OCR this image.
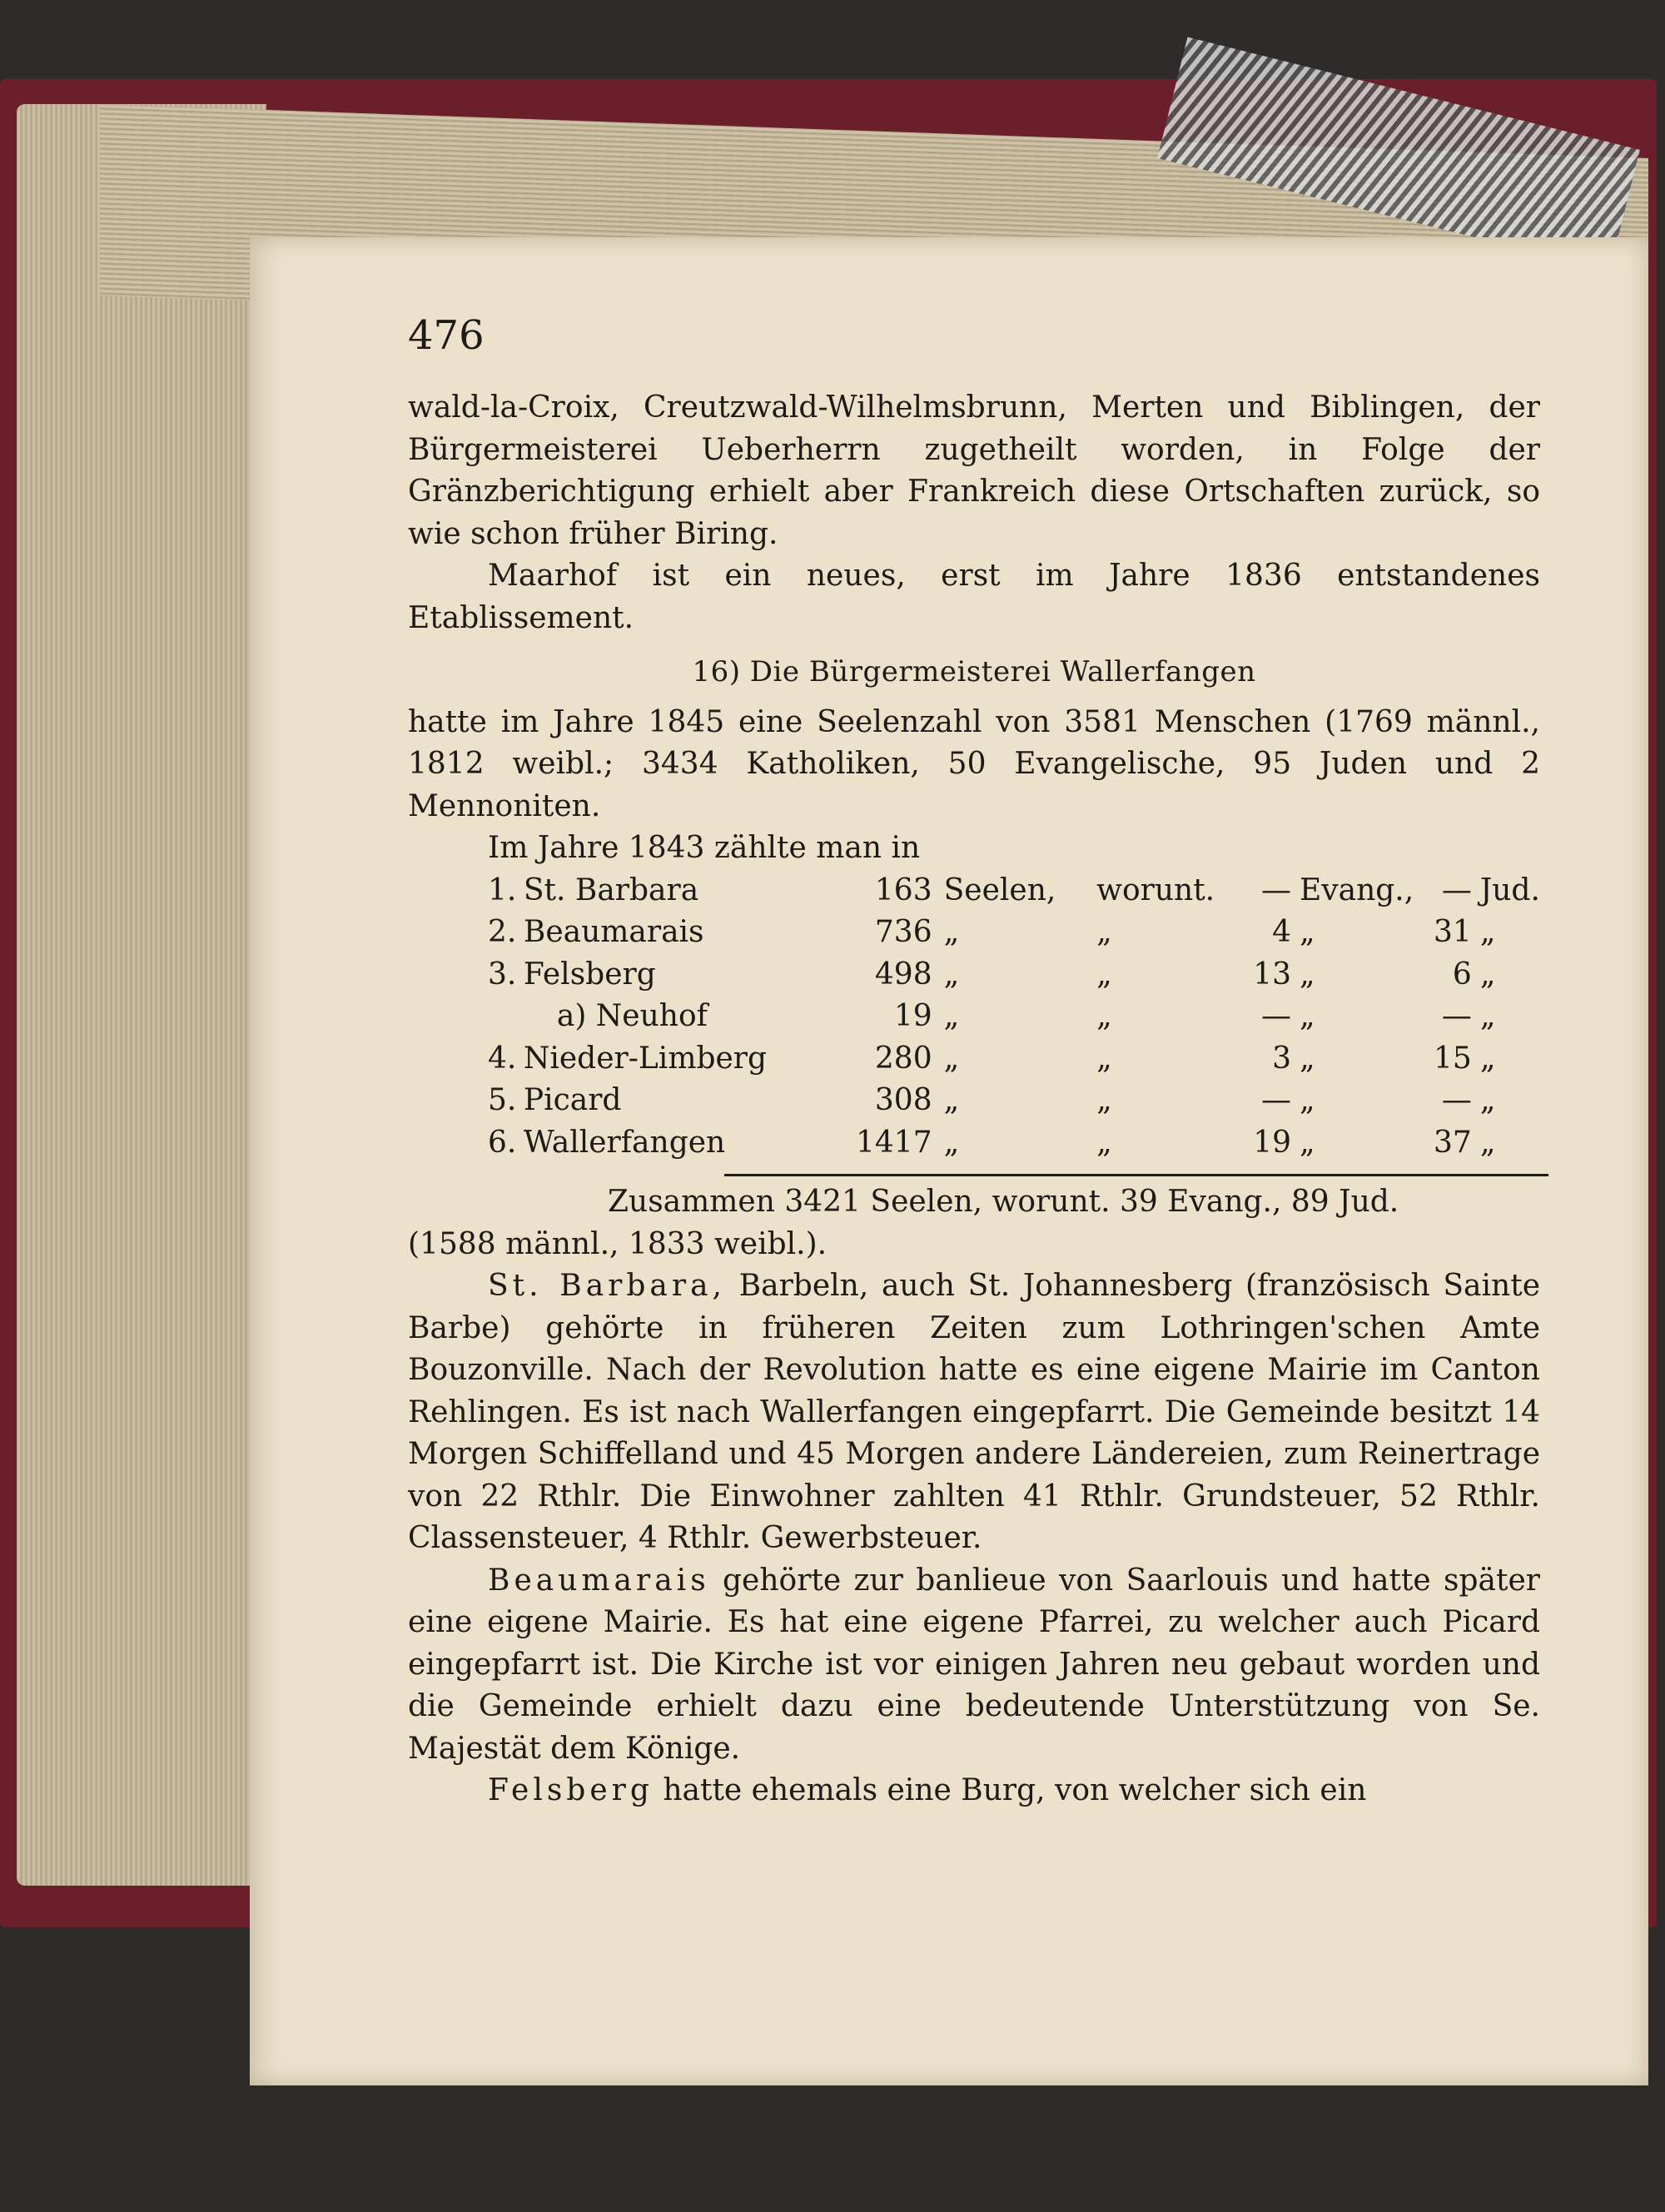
476

wald-la-Croix, Creutzwald-Wilhelmsbrunn, Merten und Biblingen, der Bürgermeisterei Ueberherrn zugetheilt worden, in Folge der Gränzberichtigung erhielt aber Frankreich diese Ortschaften zurück, so wie schon früher Biring.

Maarhof ist ein neues, erst im Jahre 1836 entstandenes Etablissement.

16) Die Bürgermeisterei Wallerfangen

hatte im Jahre 1845 eine Seelenzahl von 3581 Menschen (1769 männl., 1812 weibl.; 3434 Katholiken, 50 Evangelische, 95 Juden und 2 Mennoniten.

Im Jahre 1843 zählte man in

1.	St. Barbara	163	Seelen,	worunt.	—	Evang.,	—	Jud.
2.	Beaumarais	736	„	„	4	„	31	„
3.	Felsberg	498	„	„	13	„	6	„
	a) Neuhof	19	„	„	—	„	—	„
4.	Nieder-Limberg	280	„	„	3	„	15	„
5.	Picard	308	„	„	—	„	—	„
6.	Wallerfangen	1417	„	„	19	„	37	„
Zusammen 3421 Seelen, worunt. 39 Evang., 89 Jud.

(1588 männl., 1833 weibl.).

St. Barbara, Barbeln, auch St. Johannesberg (französisch Sainte Barbe) gehörte in früheren Zeiten zum Lothringen'schen Amte Bouzonville. Nach der Revolution hatte es eine eigene Mairie im Canton Rehlingen. Es ist nach Wallerfangen eingepfarrt. Die Gemeinde besitzt 14 Morgen Schiffelland und 45 Morgen andere Ländereien, zum Reinertrage von 22 Rthlr. Die Einwohner zahlten 41 Rthlr. Grundsteuer, 52 Rthlr. Classensteuer, 4 Rthlr. Gewerbsteuer.

Beaumarais gehörte zur banlieue von Saarlouis und hatte später eine eigene Mairie. Es hat eine eigene Pfarrei, zu welcher auch Picard eingepfarrt ist. Die Kirche ist vor einigen Jahren neu gebaut worden und die Gemeinde erhielt dazu eine bedeutende Unterstützung von Se. Majestät dem Könige.

Felsberg hatte ehemals eine Burg, von welcher sich ein
